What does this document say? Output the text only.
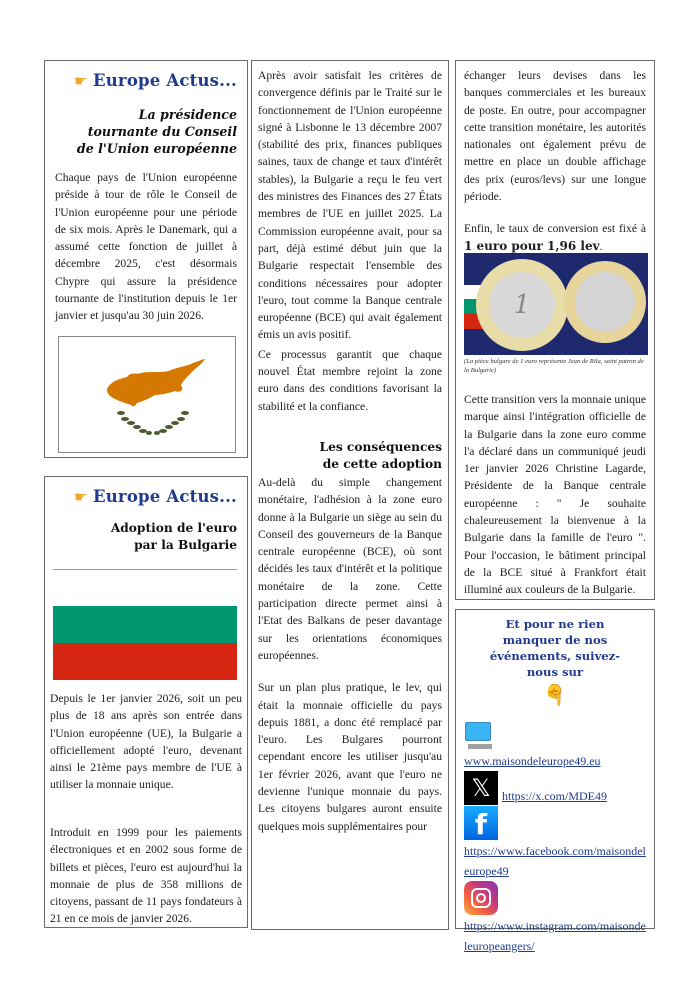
☚ Europe Actus...
La présidence tournante du Conseil de l'Union européenne
Chaque pays de l'Union européenne préside à tour de rôle le Conseil de l'Union européenne pour une période de six mois. Après le Danemark, qui a assumé cette fonction de juillet à décembre 2025, c'est désormais Chypre qui assure la présidence tournante de l'institution depuis le 1er janvier et jusqu'au 30 juin 2026.
☚ Europe Actus...
Adoption de l'euro
par la Bulgarie
Depuis le 1er janvier 2026, soit un peu plus de 18 ans après son entrée dans l'Union européenne (UE), la Bulgarie a officiellement adopté l'euro, devenant ainsi le 21ème pays membre de l'UE à utiliser la monnaie unique.
Introduit en 1999 pour les paiements électroniques et en 2002 sous forme de billets et pièces, l'euro est aujourd'hui la monnaie de plus de 358 millions de citoyens, passant de 11 pays fondateurs à 21 en ce mois de janvier 2026.
Après avoir satisfait les critères de convergence définis par le Traité sur le fonctionnement de l'Union européenne signé à Lisbonne le 13 décembre 2007 (stabilité des prix, finances publiques saines, taux de change et taux d'intérêt stables), la Bulgarie a reçu le feu vert des ministres des Finances des 27 États membres de l'UE en juillet 2025. La Commission européenne avait, pour sa part, déjà estimé début juin que la Bulgarie respectait l'ensemble des conditions nécessaires pour adopter l'euro, tout comme la Banque centrale européenne (BCE) qui avait également émis un avis positif.
Ce processus garantit que chaque nouvel État membre rejoint la zone euro dans des conditions favorisant la stabilité et la confiance.
Les conséquences
de cette adoption
Au-delà du simple changement monétaire, l'adhésion à la zone euro donne à la Bulgarie un siège au sein du Conseil des gouverneurs de la Banque centrale européenne (BCE), où sont décidés les taux d'intérêt et la politique monétaire de la zone. Cette participation directe permet ainsi à l'Etat des Balkans de peser davantage sur les orientations économiques européennes.
Sur un plan plus pratique, le lev, qui était la monnaie officielle du pays depuis 1881, a donc été remplacé par l'euro. Les Bulgares pourront cependant encore les utiliser jusqu'au 1er février 2026, avant que l'euro ne devienne l'unique monnaie du pays. Les citoyens bulgares auront ensuite quelques mois supplémentaires pour
échanger leurs devises dans les banques commerciales et les bureaux de poste. En outre, pour accompagner cette transition monétaire, les autorités nationales ont également prévu de mettre en place un double affichage des prix (euros/levs) sur une longue période.
Enfin, le taux de conversion est fixé à 1 euro pour 1,96 lev.
1
(La pièce bulgare de 1 euro représente Jean de Rila, saint patron de la Bulgarie)
Cette transition vers la monnaie unique marque ainsi l'intégration officielle de la Bulgarie dans la zone euro comme l'a déclaré dans un communiqué jeudi 1er janvier 2026 Christine Lagarde, Présidente de la Banque centrale européenne : " Je souhaite chaleureusement la bienvenue à la Bulgarie dans la famille de l'euro ". Pour l'occasion, le bâtiment principal de la BCE situé à Frankfort était illuminé aux couleurs de la Bulgarie.
Et pour ne rien manquer de nos événements, suivez-nous sur
☝
www.maisondeleurope49.eu
𝕏 https://x.com/MDE49
f
https://www.facebook.com/maisondeleurope49
https://www.instagram.com/maisondeleuropeangers/
